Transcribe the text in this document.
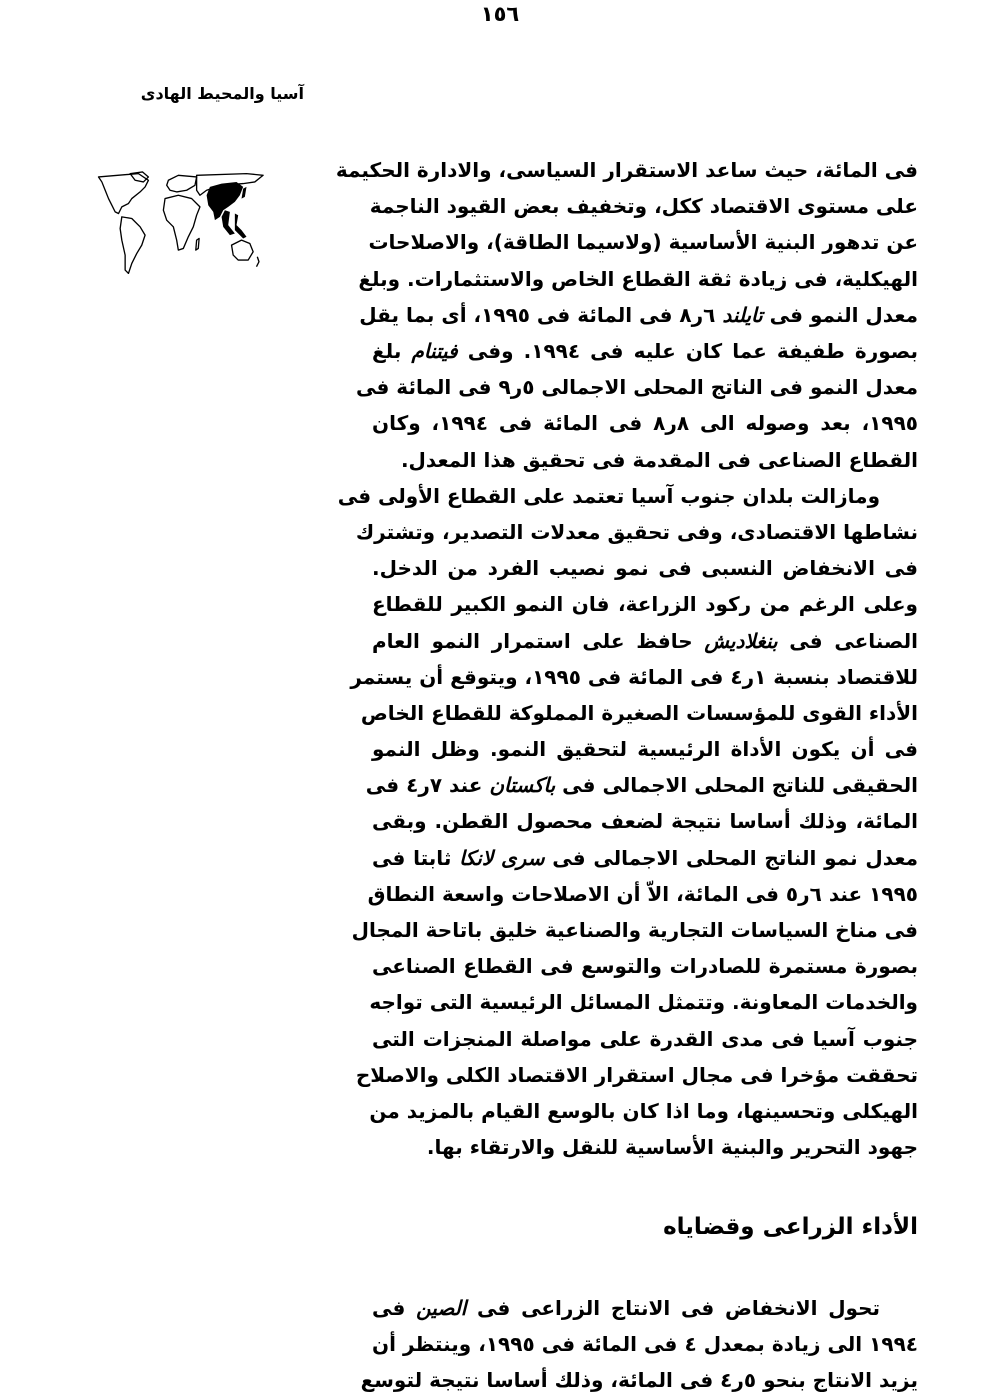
١٥٦
آسيا والمحيط الهادى
فى المائة، حيث ساعد الاستقرار السياسى، والادارة الحكيمة
على مستوى الاقتصاد ككل، وتخفيف بعض القيود الناجمة
عن تدهور البنية الأساسية (ولاسيما الطاقة)، والاصلاحات
الهيكلية، فى زيادة ثقة القطاع الخاص والاستثمارات. وبلغ
معدل النمو فى تايلند ٦ر٨ فى المائة فى ١٩٩٥، أى بما يقل
بصورة طفيفة عما كان عليه فى ١٩٩٤. وفى فيتنام بلغ
معدل النمو فى الناتج المحلى الاجمالى ٥ر٩ فى المائة فى
١٩٩٥، بعد وصوله الى ٨ر٨ فى المائة فى ١٩٩٤، وكان
القطاع الصناعى فى المقدمة فى تحقيق هذا المعدل.
ومازالت بلدان جنوب آسيا تعتمد على القطاع الأولى فى
نشاطها الاقتصادى، وفى تحقيق معدلات التصدير، وتشترك
فى الانخفاض النسبى فى نمو نصيب الفرد من الدخل.
وعلى الرغم من ركود الزراعة، فان النمو الكبير للقطاع
الصناعى فى بنغلاديش حافظ على استمرار النمو العام
للاقتصاد بنسبة ١ر٤ فى المائة فى ١٩٩٥، ويتوقع أن يستمر
الأداء القوى للمؤسسات الصغيرة المملوكة للقطاع الخاص
فى أن يكون الأداة الرئيسية لتحقيق النمو. وظل النمو
الحقيقى للناتج المحلى الاجمالى فى باكستان عند ٧ر٤ فى
المائة، وذلك أساسا نتيجة لضعف محصول القطن. وبقى
معدل نمو الناتج المحلى الاجمالى فى سرى لانكا ثابتا فى
١٩٩٥ عند ٦ر٥ فى المائة، الاّ أن الاصلاحات واسعة النطاق
فى مناخ السياسات التجارية والصناعية خليق باتاحة المجال
بصورة مستمرة للصادرات والتوسع فى القطاع الصناعى
والخدمات المعاونة. وتتمثل المسائل الرئيسية التى تواجه
جنوب آسيا فى مدى القدرة على مواصلة المنجزات التى
تحققت مؤخرا فى مجال استقرار الاقتصاد الكلى والاصلاح
الهيكلى وتحسينها، وما اذا كان بالوسع القيام بالمزيد من
جهود التحرير والبنية الأساسية للنقل والارتقاء بها.
الأداء الزراعى وقضاياه
تحول الانخفاض فى الانتاج الزراعى فى الصين فى
١٩٩٤ الى زيادة بمعدل ٤ فى المائة فى ١٩٩٥، وينتظر أن
يزيد الانتاج بنحو ٥ر٤ فى المائة، وذلك أساسا نتيجة لتوسع
